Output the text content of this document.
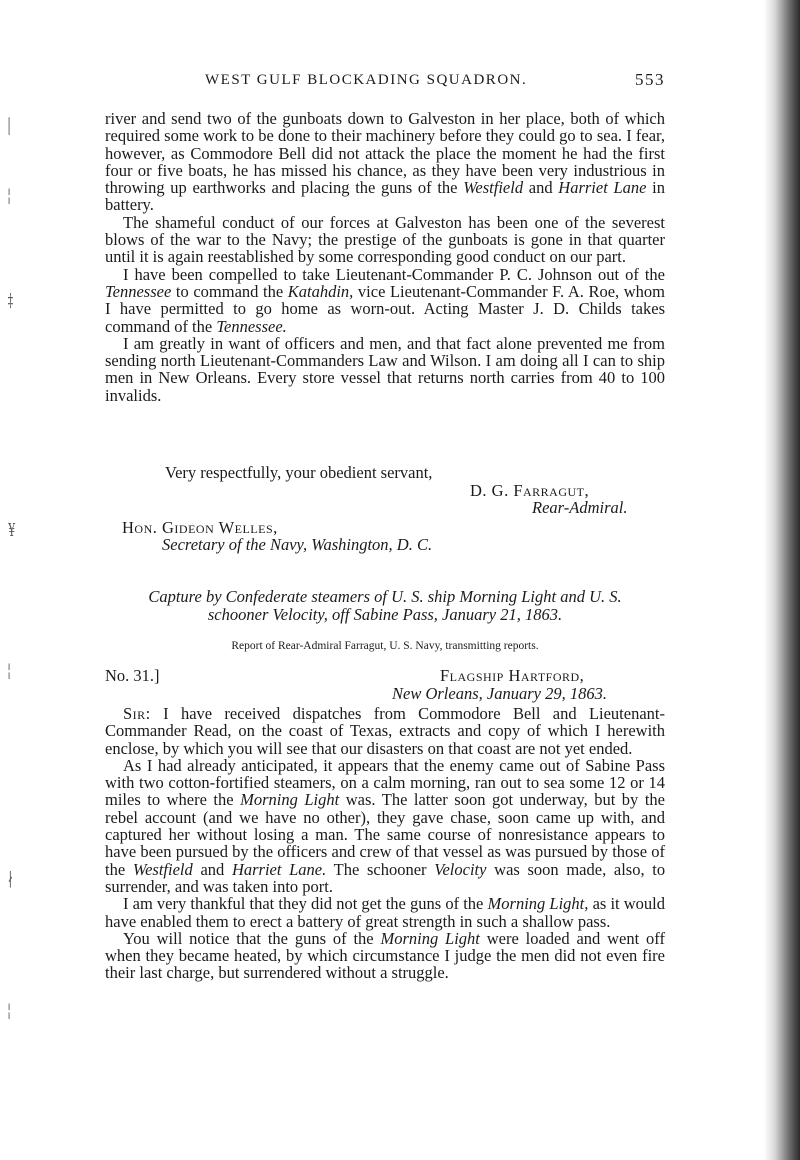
|
¦
‡
¥
¦
∤
¦
WEST GULF BLOCKADING SQUADRON.	553

river and send two of the gunboats down to Galveston in her place, both of which required some work to be done to their machinery before they could go to sea. I fear, however, as Commodore Bell did not attack the place the moment he had the first four or five boats, he has missed his chance, as they have been very industrious in throwing up earthworks and placing the guns of the Westfield and Harriet Lane in battery.

The shameful conduct of our forces at Galveston has been one of the severest blows of the war to the Navy; the prestige of the gunboats is gone in that quarter until it is again reestablished by some corresponding good conduct on our part.

I have been compelled to take Lieutenant-Commander P. C. Johnson out of the Tennessee to command the Katahdin, vice Lieutenant-Commander F. A. Roe, whom I have permitted to go home as worn-out. Acting Master J. D. Childs takes command of the Tennessee.

I am greatly in want of officers and men, and that fact alone prevented me from sending north Lieutenant-Commanders Law and Wilson. I am doing all I can to ship men in New Orleans. Every store vessel that returns north carries from 40 to 100 invalids.

Very respectfully, your obedient servant,
D. G. Farragut,
Rear-Admiral.
Hon. Gideon Welles,
Secretary of the Navy, Washington, D. C.
Capture by Confederate steamers of U. S. ship Morning Light and U. S.
schooner Velocity, off Sabine Pass, January 21, 1863.
Report of Rear-Admiral Farragut, U. S. Navy, transmitting reports.
No. 31.]	Flagship Hartford,
New Orleans, January 29, 1863.

Sir: I have received dispatches from Commodore Bell and Lieutenant-Commander Read, on the coast of Texas, extracts and copy of which I herewith enclose, by which you will see that our disasters on that coast are not yet ended.

As I had already anticipated, it appears that the enemy came out of Sabine Pass with two cotton-fortified steamers, on a calm morning, ran out to sea some 12 or 14 miles to where the Morning Light was. The latter soon got underway, but by the rebel account (and we have no other), they gave chase, soon came up with, and captured her without losing a man. The same course of nonresistance appears to have been pursued by the officers and crew of that vessel as was pursued by those of the Westfield and Harriet Lane. The schooner Velocity was soon made, also, to surrender, and was taken into port.

I am very thankful that they did not get the guns of the Morning Light, as it would have enabled them to erect a battery of great strength in such a shallow pass.

You will notice that the guns of the Morning Light were loaded and went off when they became heated, by which circumstance I judge the men did not even fire their last charge, but surrendered without a struggle.
